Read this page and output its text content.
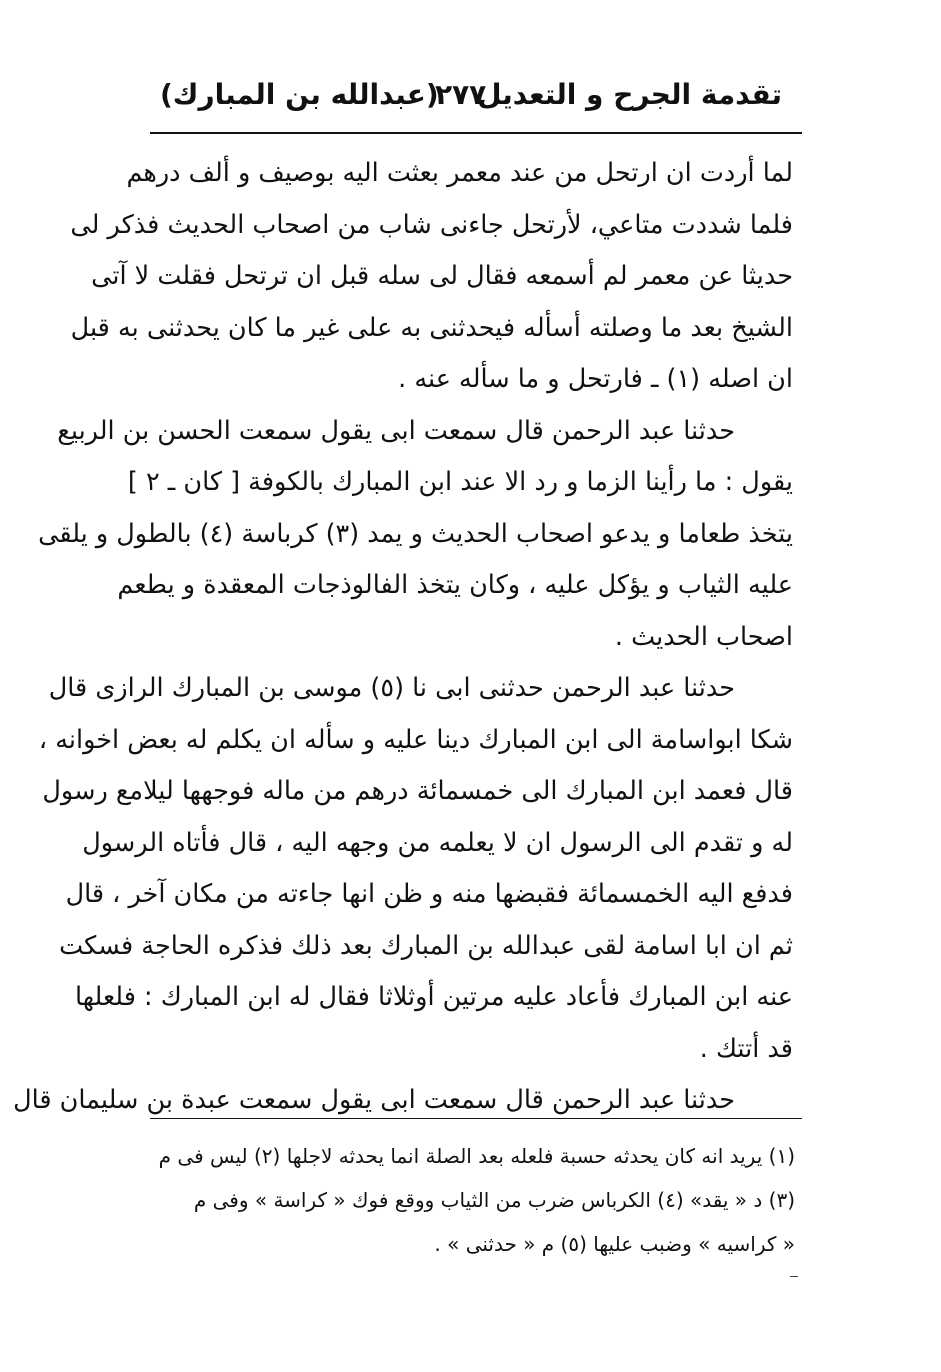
تقدمة الجرح و التعديل
٢٧٧
(عبدالله بن المبارك)
لما أردت ان ارتحل من عند معمر بعثت اليه بوصيف و ألف درهم
فلما شددت متاعي، لأرتحل جاءنى شاب من اصحاب الحديث فذكر لى
حديثا عن معمر لم أسمعه فقال لى سله قبل ان ترتحل فقلت لا آتى
الشيخ بعد ما وصلته أسأله فيحدثنى به على غير ما كان يحدثنى به قبل
ان اصله (١) ـ فارتحل و ما سأله عنه .
حدثنا عبد الرحمن قال سمعت ابى يقول سمعت الحسن بن الربيع
يقول : ما رأينا الزما و رد الا عند ابن المبارك بالكوفة [ كان ـ ٢ ]
يتخذ طعاما و يدعو اصحاب الحديث و يمد (٣) كرباسة (٤) بالطول و يلقى
عليه الثياب و يؤكل عليه ، وكان يتخذ الفالوذجات المعقدة و يطعم
اصحاب الحديث .
حدثنا عبد الرحمن حدثنى ابى نا (٥) موسى بن المبارك الرازى قال
شكا ابواسامة الى ابن المبارك دينا عليه و سأله ان يكلم له بعض اخوانه ،
قال فعمد ابن المبارك الى خمسمائة درهم من ماله فوجهها ليلامع رسول
له و تقدم الى الرسول ان لا يعلمه من وجهه اليه ، قال فأتاه الرسول
فدفع اليه الخمسمائة فقبضها منه و ظن انها جاءته من مكان آخر ، قال
ثم ان ابا اسامة لقى عبدالله بن المبارك بعد ذلك فذكره الحاجة فسكت
عنه ابن المبارك فأعاد عليه مرتين أوثلاثا فقال له ابن المبارك : فلعلها
قد أتتك .
حدثنا عبد الرحمن قال سمعت ابى يقول سمعت عبدة بن سليمان قال
(١) يريد انه كان يحدثه حسبة فلعله بعد الصلة انما يحدثه لاجلها (٢) ليس فى م
(٣) د « يقد» (٤) الكرباس ضرب من الثياب ووقع فوك « كراسة » وفى م
« كراسيه » وضبب عليها (٥) م « حدثنى » .
